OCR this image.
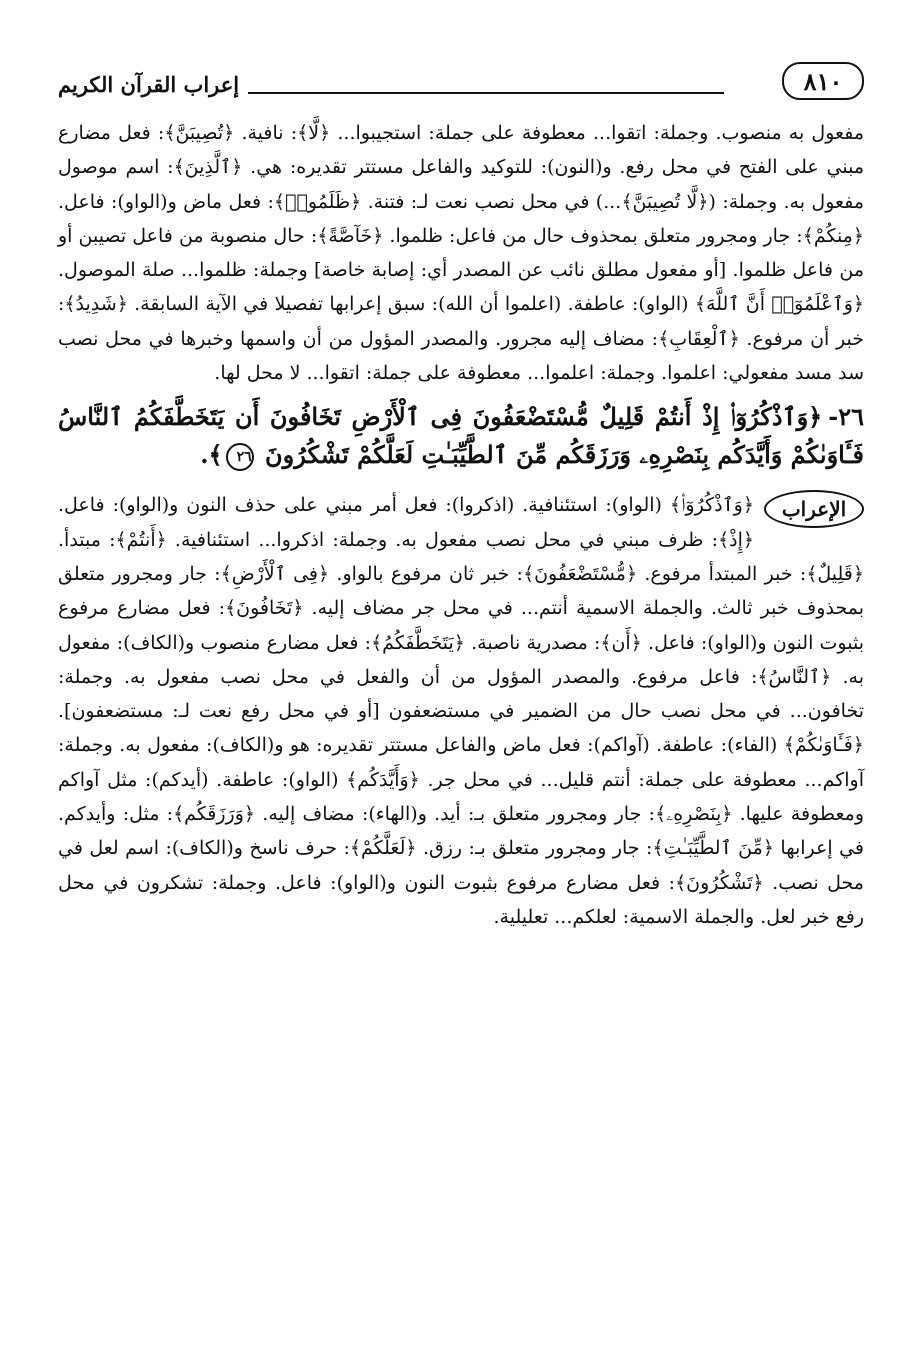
٨١٠
إعراب القرآن الكريم

مفعول به منصوب. وجملة: اتقوا... معطوفة على جملة: استجيبوا... ﴿لَّا﴾: نافية. ﴿تُصِيبَنَّ﴾: فعل مضارع مبني على الفتح في محل رفع. و(النون): للتوكيد والفاعل مستتر تقديره: هي. ﴿ٱلَّذِينَ﴾: اسم موصول مفعول به. وجملة: (﴿لَّا تُصِيبَنَّ﴾...) في محل نصب نعت لـ: فتنة. ﴿ظَلَمُوا۟﴾: فعل ماض و(الواو): فاعل. ﴿مِنكُمْ﴾: جار ومجرور متعلق بمحذوف حال من فاعل: ظلموا. ﴿خَآصَّةً﴾: حال منصوبة من فاعل تصيبن أو من فاعل ظلموا. [أو مفعول مطلق نائب عن المصدر أي: إصابة خاصة] وجملة: ظلموا... صلة الموصول. ﴿وَٱعْلَمُوٓا۟ أَنَّ ٱللَّهَ﴾ (الواو): عاطفة. (اعلموا أن الله): سبق إعرابها تفصيلا في الآية السابقة. ﴿شَدِيدُ﴾: خبر أن مرفوع. ﴿ٱلْعِقَابِ﴾: مضاف إليه مجرور. والمصدر المؤول من أن واسمها وخبرها في محل نصب سد مسد مفعولي: اعلموا. وجملة: اعلموا... معطوفة على جملة: اتقوا... لا محل لها.

٢٦-﴿وَٱذْكُرُوٓا۟ إِذْ أَنتُمْ قَلِيلٌ مُّسْتَضْعَفُونَ فِى ٱلْأَرْضِ تَخَافُونَ أَن يَتَخَطَّفَكُمُ ٱلنَّاسُ فَـَٔاوَىٰكُمْ وَأَيَّدَكُم بِنَصْرِهِۦ وَرَزَقَكُم مِّنَ ٱلطَّيِّبَـٰتِ لَعَلَّكُمْ تَشْكُرُونَ ٢٦﴾.

الإعراب

﴿وَٱذْكُرُوٓا۟﴾ (الواو): استئنافية. (اذكروا): فعل أمر مبني على حذف النون و(الواو): فاعل. ﴿إِذْ﴾: ظرف مبني في محل نصب مفعول به. وجملة: اذكروا... استئنافية. ﴿أَنتُمْ﴾: مبتدأ. ﴿قَلِيلٌ﴾: خبر المبتدأ مرفوع. ﴿مُّسْتَضْعَفُونَ﴾: خبر ثان مرفوع بالواو. ﴿فِى ٱلْأَرْضِ﴾: جار ومجرور متعلق بمحذوف خبر ثالث. والجملة الاسمية أنتم... في محل جر مضاف إليه. ﴿تَخَافُونَ﴾: فعل مضارع مرفوع بثبوت النون و(الواو): فاعل. ﴿أَن﴾: مصدرية ناصبة. ﴿يَتَخَطَّفَكُمُ﴾: فعل مضارع منصوب و(الكاف): مفعول به. ﴿ٱلنَّاسُ﴾: فاعل مرفوع. والمصدر المؤول من أن والفعل في محل نصب مفعول به. وجملة: تخافون... في محل نصب حال من الضمير في مستضعفون [أو في محل رفع نعت لـ: مستضعفون]. ﴿فَـَٔاوَىٰكُمْ﴾ (الفاء): عاطفة. (آواكم): فعل ماض والفاعل مستتر تقديره: هو و(الكاف): مفعول به. وجملة: آواكم... معطوفة على جملة: أنتم قليل... في محل جر. ﴿وَأَيَّدَكُم﴾ (الواو): عاطفة. (أيدكم): مثل آواكم ومعطوفة عليها. ﴿بِنَصْرِهِۦ﴾: جار ومجرور متعلق بـ: أيد. و(الهاء): مضاف إليه. ﴿وَرَزَقَكُم﴾: مثل: وأيدكم. في إعرابها ﴿مِّنَ ٱلطَّيِّبَـٰتِ﴾: جار ومجرور متعلق بـ: رزق. ﴿لَعَلَّكُمْ﴾: حرف ناسخ و(الكاف): اسم لعل في محل نصب. ﴿تَشْكُرُونَ﴾: فعل مضارع مرفوع بثبوت النون و(الواو): فاعل. وجملة: تشكرون في محل رفع خبر لعل. والجملة الاسمية: لعلكم... تعليلية.
